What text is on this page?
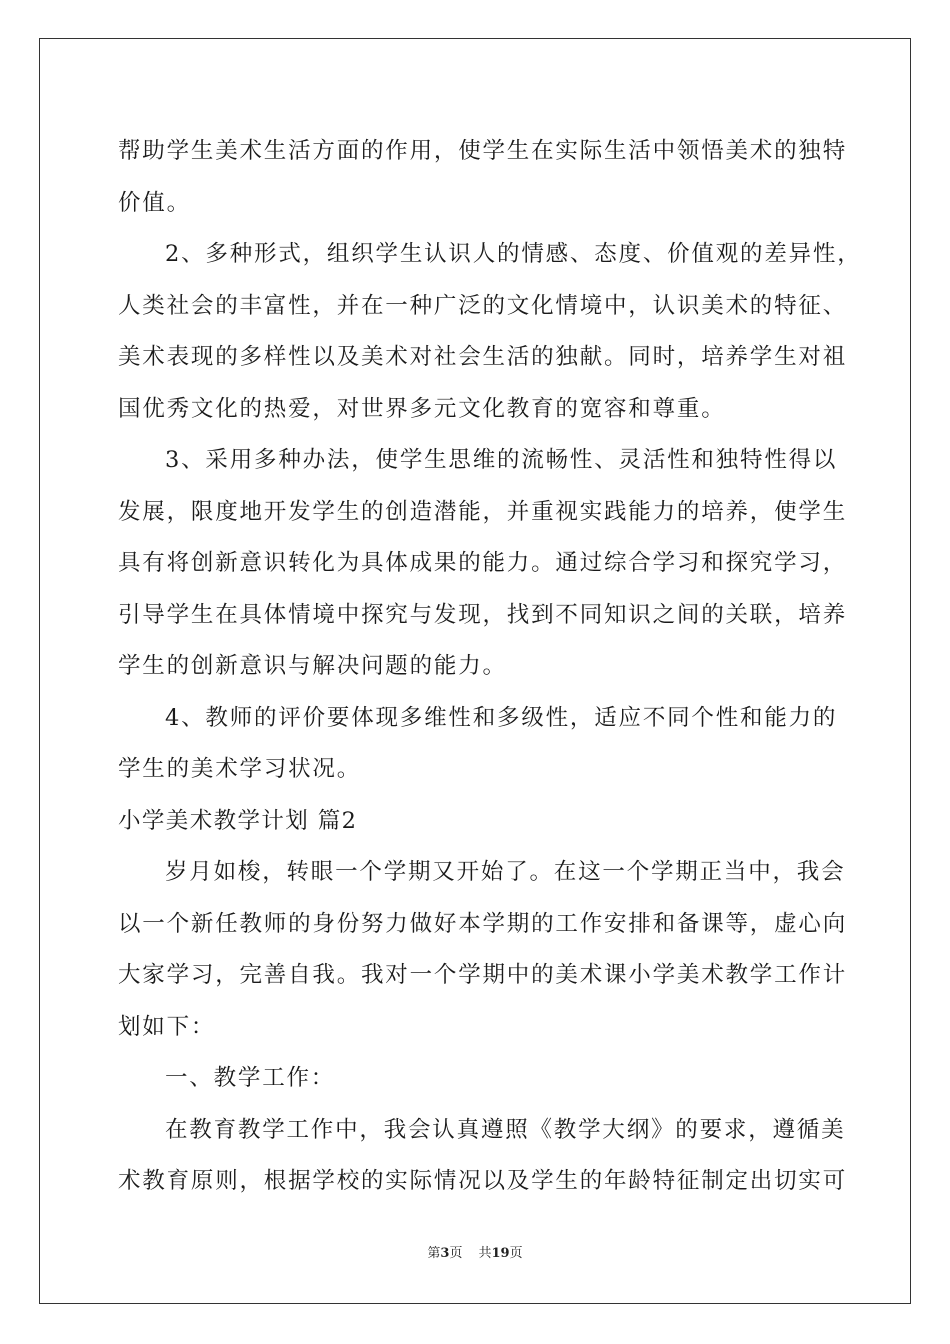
帮助学生美术生活方面的作用，使学生在实际生活中领悟美术的独特
价值。
2、多种形式，组织学生认识人的情感、态度、价值观的差异性，
人类社会的丰富性，并在一种广泛的文化情境中，认识美术的特征、
美术表现的多样性以及美术对社会生活的独献。同时，培养学生对祖
国优秀文化的热爱，对世界多元文化教育的宽容和尊重。
3、采用多种办法，使学生思维的流畅性、灵活性和独特性得以
发展，限度地开发学生的创造潜能，并重视实践能力的培养，使学生
具有将创新意识转化为具体成果的能力。通过综合学习和探究学习，
引导学生在具体情境中探究与发现，找到不同知识之间的关联，培养
学生的创新意识与解决问题的能力。
4、教师的评价要体现多维性和多级性，适应不同个性和能力的
学生的美术学习状况。
小学美术教学计划 篇2
岁月如梭，转眼一个学期又开始了。在这一个学期正当中，我会
以一个新任教师的身份努力做好本学期的工作安排和备课等，虚心向
大家学习，完善自我。我对一个学期中的美术课小学美术教学工作计
划如下：
一、教学工作：
在教育教学工作中，我会认真遵照《教学大纲》的要求，遵循美
术教育原则，根据学校的实际情况以及学生的年龄特征制定出切实可
第3页 共19页
